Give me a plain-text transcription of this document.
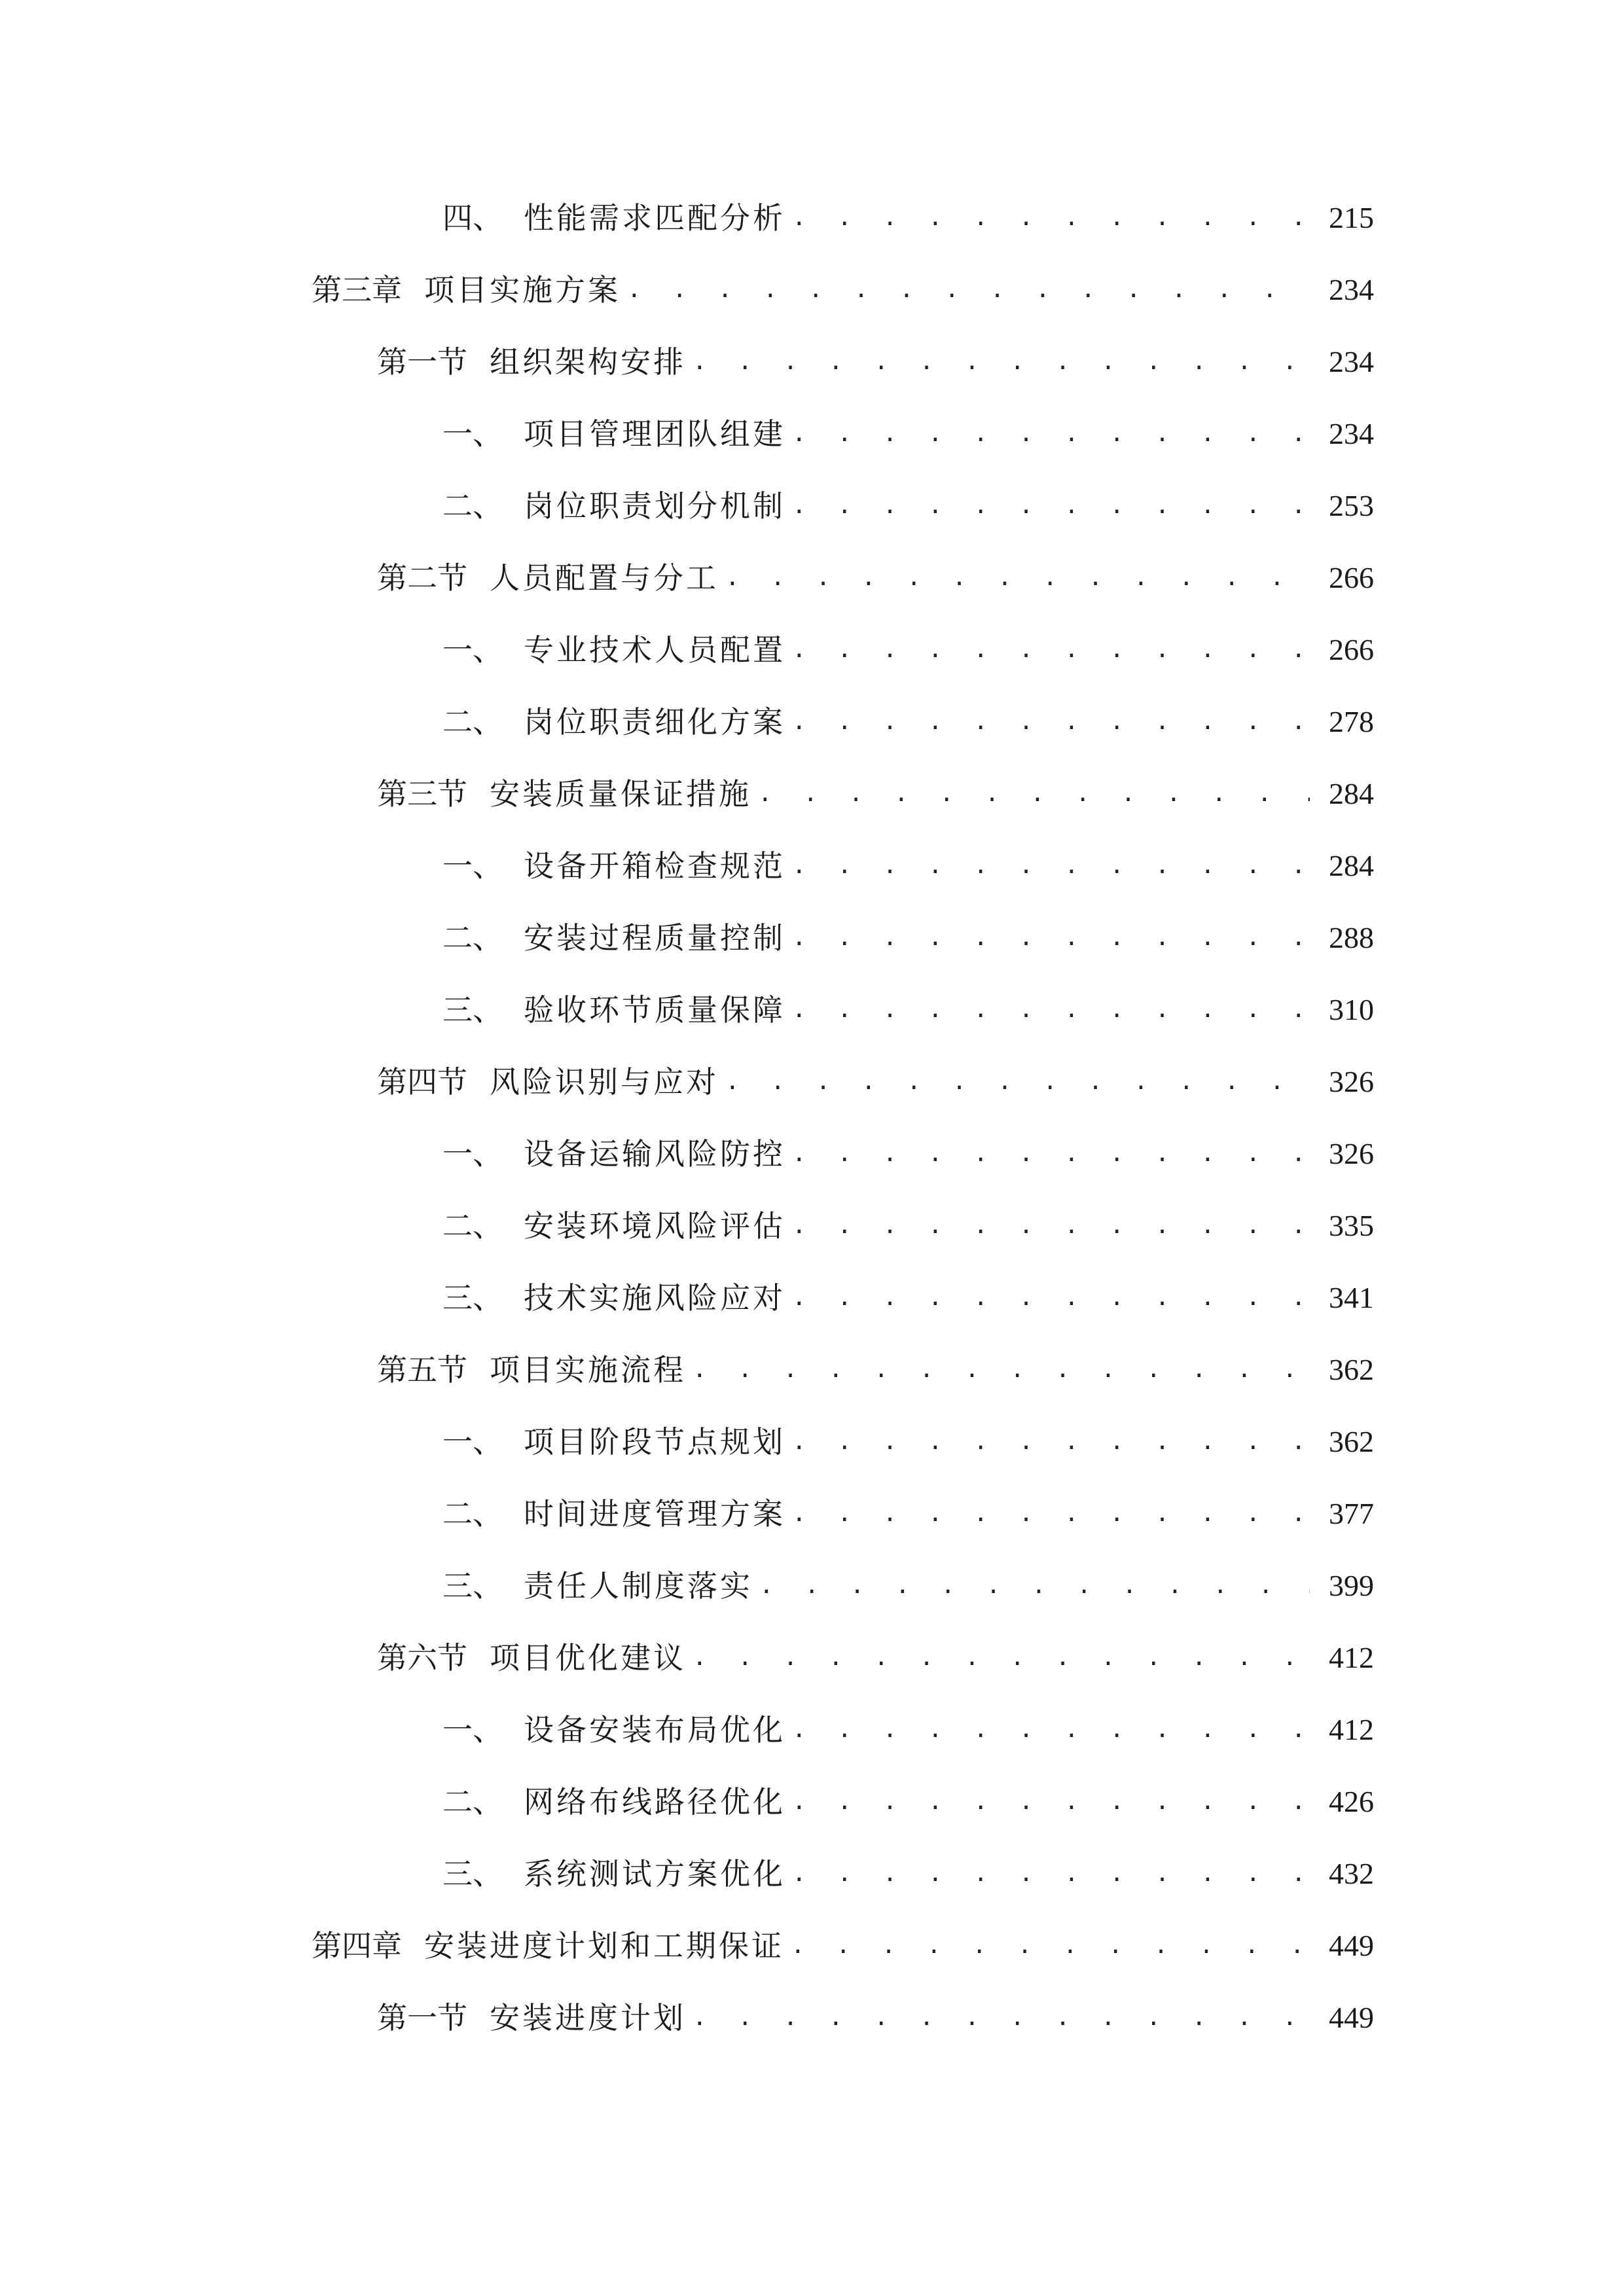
四、 性能需求匹配分析 . . .	215
第三章 项目实施方案 . . .	234
第一节 组织架构安排 . . .	234
一、 项目管理团队组建 . . .	234
二、 岗位职责划分机制 . . .	253
第二节 人员配置与分工 . . .	266
一、 专业技术人员配置 . . .	266
二、 岗位职责细化方案 . . .	278
第三节 安装质量保证措施 . . .	284
一、 设备开箱检查规范 . . .	284
二、 安装过程质量控制 . . .	288
三、 验收环节质量保障 . . .	310
第四节 风险识别与应对 . . .	326
一、 设备运输风险防控 . . .	326
二、 安装环境风险评估 . . .	335
三、 技术实施风险应对 . . .	341
第五节 项目实施流程 . . .	362
一、 项目阶段节点规划 . . .	362
二、 时间进度管理方案 . . .	377
三、 责任人制度落实 . . .	399
第六节 项目优化建议 . . .	412
一、 设备安装布局优化 . . .	412
二、 网络布线路径优化 . . .	426
三、 系统测试方案优化 . . .	432
第四章 安装进度计划和工期保证 . . .	449
第一节 安装进度计划 . . .	449
